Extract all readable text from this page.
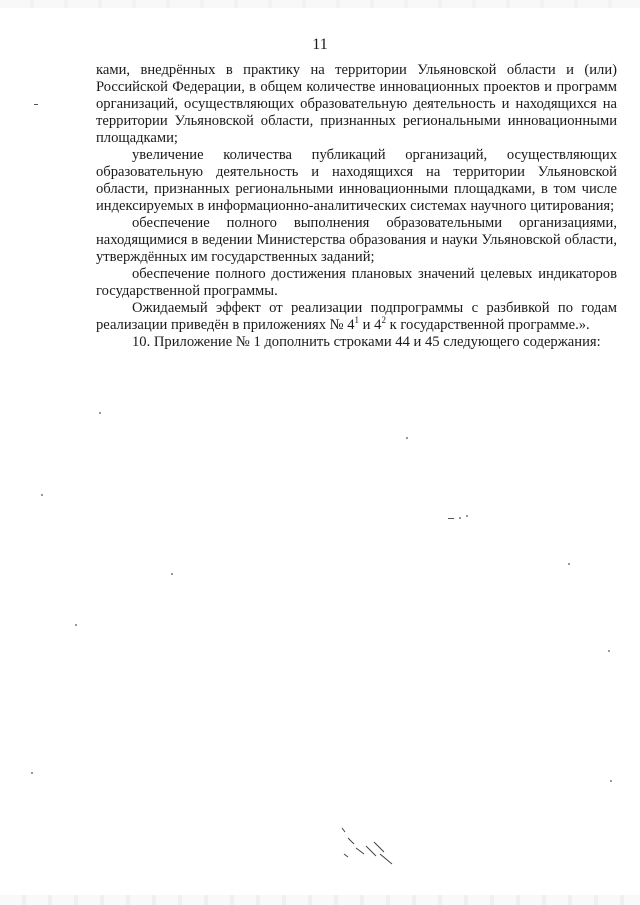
11

ками, внедрённых в практику на территории Ульяновской области и (или) Российской Федерации, в общем количестве инновационных проектов и программ организаций, осуществляющих образовательную деятельность и находящихся на территории Ульяновской области, признанных региональными инновационными площадками;

увеличение количества публикаций организаций, осуществляющих образовательную деятельность и находящихся на территории Ульяновской области, признанных региональными инновационными площадками, в том числе индексируемых в информационно-аналитических системах научного цитирования;

обеспечение полного выполнения образовательными организациями, находящимися в ведении Министерства образования и науки Ульяновской области, утверждённых им государственных заданий;

обеспечение полного достижения плановых значений целевых индикаторов государственной программы.

Ожидаемый эффект от реализации подпрограммы с разбивкой по годам реализации приведён в приложениях № $4^1$ и $4^2$ к государственной программе.».

10. Приложение № 1 дополнить строками 44 и 45 следующего содержания:
